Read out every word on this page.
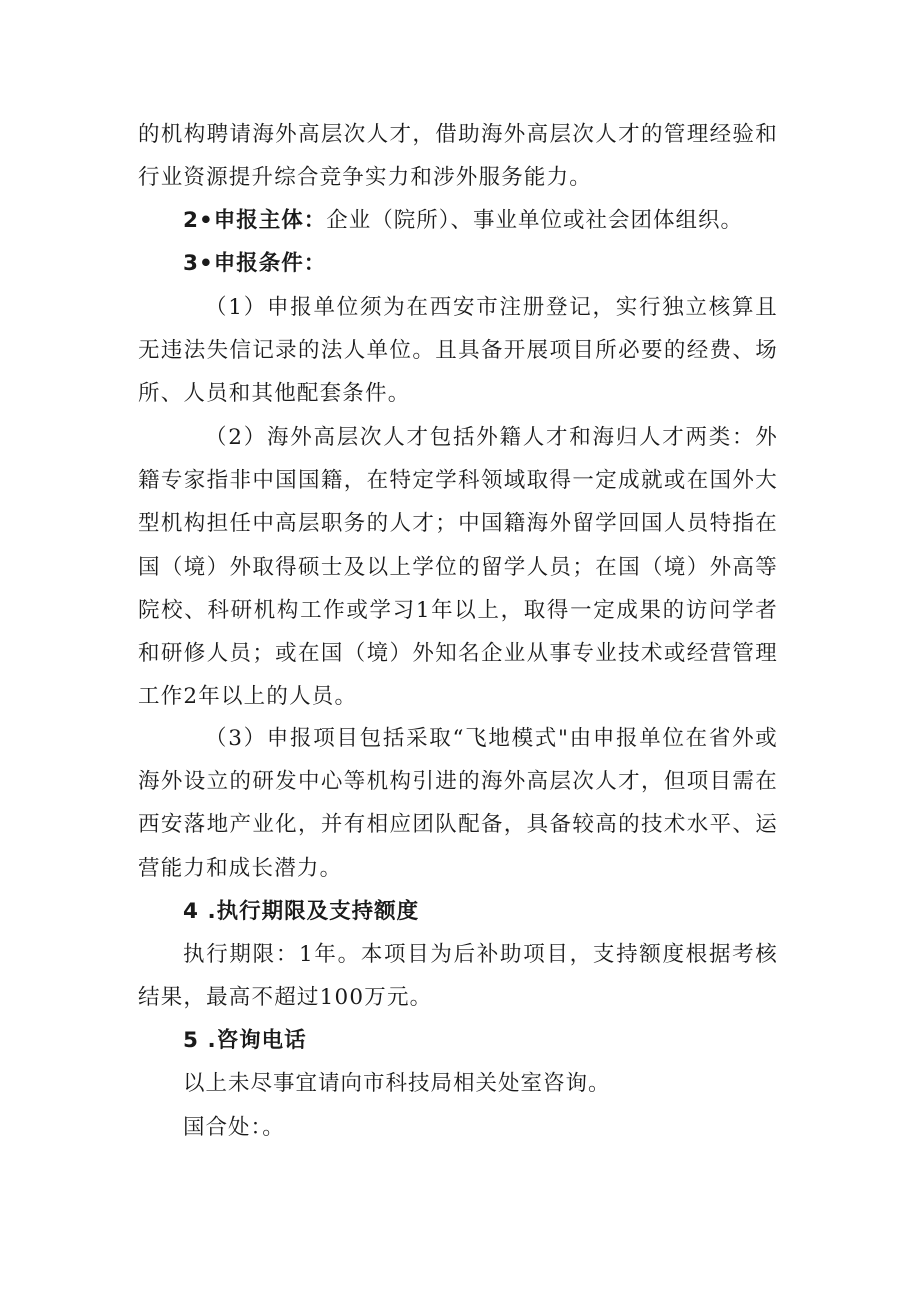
的机构聘请海外高层次人才，借助海外高层次人才的管理经验和行业资源提升综合竞争实力和涉外服务能力。

2•申报主体：企业（院所）、事业单位或社会团体组织。

3•申报条件：

（1）申报单位须为在西安市注册登记，实行独立核算且无违法失信记录的法人单位。且具备开展项目所必要的经费、场所、人员和其他配套条件。

（2）海外高层次人才包括外籍人才和海归人才两类：外籍专家指非中国国籍，在特定学科领域取得一定成就或在国外大型机构担任中高层职务的人才；中国籍海外留学回国人员特指在国（境）外取得硕士及以上学位的留学人员；在国（境）外高等院校、科研机构工作或学习1年以上，取得一定成果的访问学者和研修人员；或在国（境）外知名企业从事专业技术或经营管理工作2年以上的人员。

（3）申报项目包括采取“飞地模式"由申报单位在省外或海外设立的研发中心等机构引进的海外高层次人才，但项目需在西安落地产业化，并有相应团队配备，具备较高的技术水平、运营能力和成长潜力。

4 .执行期限及支持额度

执行期限：1年。本项目为后补助项目，支持额度根据考核结果，最高不超过100万元。

5 .咨询电话

以上未尽事宜请向市科技局相关处室咨询。

国合处：。
